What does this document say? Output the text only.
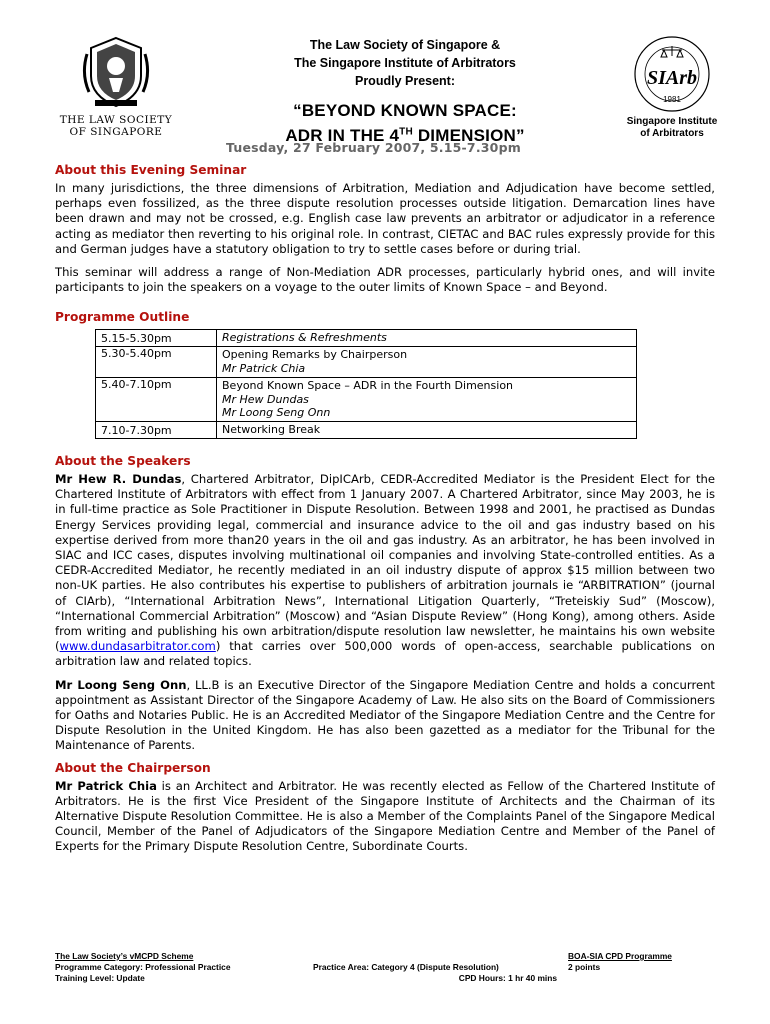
THE LAW SOCIETY
OF SINGAPORE
The Law Society of Singapore &
The Singapore Institute of Arbitrators
Proudly Present:
“BEYOND KNOWN SPACE:
ADR IN THE 4TH DIMENSION”
SIArb
1981
Singapore Institute
of Arbitrators
Tuesday, 27 February 2007, 5.15-7.30pm
About this Evening Seminar

In many jurisdictions, the three dimensions of Arbitration, Mediation and Adjudication have become settled, perhaps even fossilized, as the three dispute resolution processes outside litigation. Demarcation lines have been drawn and may not be crossed, e.g. English case law prevents an arbitrator or adjudicator in a reference acting as mediator then reverting to his original role. In contrast, CIETAC and BAC rules expressly provide for this and German judges have a statutory obligation to try to settle cases before or during trial.

This seminar will address a range of Non-Mediation ADR processes, particularly hybrid ones, and will invite participants to join the speakers on a voyage to the outer limits of Known Space – and Beyond.

Programme Outline
5.15-5.30pm	Registrations & Refreshments

5.30-5.40pm	Opening Remarks by Chairperson
Mr Patrick Chia

5.40-7.10pm	Beyond Known Space – ADR in the Fourth Dimension
Mr Hew Dundas
Mr Loong Seng Onn

7.10-7.30pm	Networking Break
About the Speakers

Mr Hew R. Dundas, Chartered Arbitrator, DipICArb, CEDR-Accredited Mediator is the President Elect for the Chartered Institute of Arbitrators with effect from 1 January 2007. A Chartered Arbitrator, since May 2003, he is in full-time practice as Sole Practitioner in Dispute Resolution. Between 1998 and 2001, he practised as Dundas Energy Services providing legal, commercial and insurance advice to the oil and gas industry based on his expertise derived from more than20 years in the oil and gas industry. As an arbitrator, he has been involved in SIAC and ICC cases, disputes involving multinational oil companies and involving State-controlled entities. As a CEDR-Accredited Mediator, he recently mediated in an oil industry dispute of approx $15 million between two non-UK parties. He also contributes his expertise to publishers of arbitration journals ie “ARBITRATION” (journal of CIArb), “International Arbitration News”, International Litigation Quarterly, “Treteiskiy Sud” (Moscow), “International Commercial Arbitration” (Moscow) and “Asian Dispute Review” (Hong Kong), among others. Aside from writing and publishing his own arbitration/dispute resolution law newsletter, he maintains his own website (www.dundasarbitrator.com) that carries over 500,000 words of open-access, searchable publications on arbitration law and related topics.

Mr Loong Seng Onn, LL.B is an Executive Director of the Singapore Mediation Centre and holds a concurrent appointment as Assistant Director of the Singapore Academy of Law. He also sits on the Board of Commissioners for Oaths and Notaries Public. He is an Accredited Mediator of the Singapore Mediation Centre and the Centre for Dispute Resolution in the United Kingdom. He has also been gazetted as a mediator for the Tribunal for the Maintenance of Parents.

About the Chairperson

Mr Patrick Chia is an Architect and Arbitrator. He was recently elected as Fellow of the Chartered Institute of Arbitrators. He is the first Vice President of the Singapore Institute of Architects and the Chairman of its Alternative Dispute Resolution Committee. He is also a Member of the Complaints Panel of the Singapore Medical Council, Member of the Panel of Adjudicators of the Singapore Mediation Centre and Member of the Panel of Experts for the Primary Dispute Resolution Centre, Subordinate Courts.

The Law Society’s vMCPD Scheme
Programme Category: Professional Practice
Training Level: Update
Practice Area: Category 4 (Dispute Resolution)
CPD Hours: 1 hr 40 mins
BOA-SIA CPD Programme
2 points
